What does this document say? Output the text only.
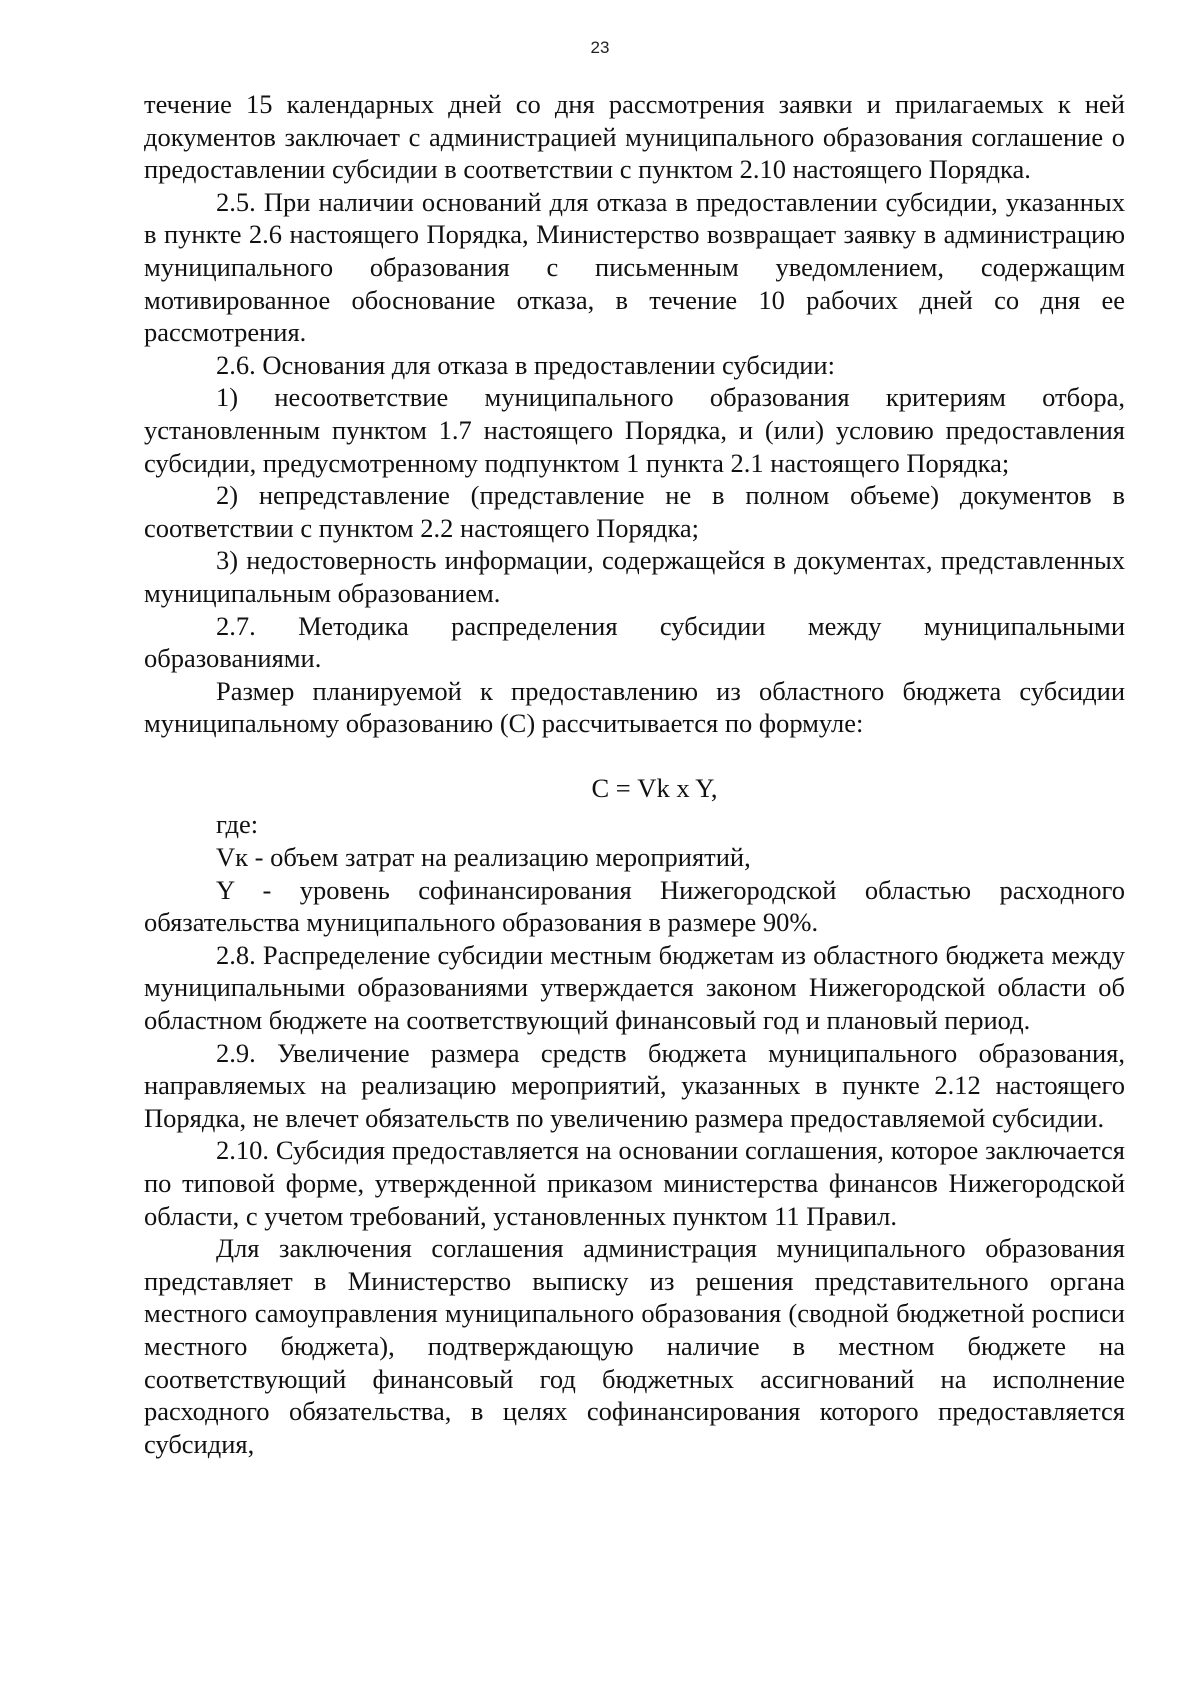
23

течение 15 календарных дней со дня рассмотрения заявки и прилагаемых к ней документов заключает с администрацией муниципального образования соглашение о предоставлении субсидии в соответствии с пунктом 2.10 настоящего Порядка.

2.5. При наличии оснований для отказа в предоставлении субсидии, указанных в пункте 2.6 настоящего Порядка, Министерство возвращает заявку в администрацию муниципального образования с письменным уведомлением, содержащим мотивированное обоснование отказа, в течение 10 рабочих дней со дня ее рассмотрения.

2.6. Основания для отказа в предоставлении субсидии:

1) несоответствие муниципального образования критериям отбора, установленным пунктом 1.7 настоящего Порядка, и (или) условию предоставления субсидии, предусмотренному подпунктом 1 пункта 2.1 настоящего Порядка;

2) непредставление (представление не в полном объеме) документов в соответствии с пунктом 2.2 настоящего Порядка;

3) недостоверность информации, содержащейся в документах, представленных муниципальным образованием.

2.7. Методика распределения субсидии между муниципальными образованиями.

Размер планируемой к предоставлению из областного бюджета субсидии муниципальному образованию (С) рассчитывается по формуле:

С = Vk x Y,

где:

Vк - объем затрат на реализацию мероприятий,

Y - уровень софинансирования Нижегородской областью расходного обязательства муниципального образования в размере 90%.

2.8. Распределение субсидии местным бюджетам из областного бюджета между муниципальными образованиями утверждается законом Нижегородской области об областном бюджете на соответствующий финансовый год и плановый период.

2.9. Увеличение размера средств бюджета муниципального образования, направляемых на реализацию мероприятий, указанных в пункте 2.12 настоящего Порядка, не влечет обязательств по увеличению размера предоставляемой субсидии.

2.10. Субсидия предоставляется на основании соглашения, которое заключается по типовой форме, утвержденной приказом министерства финансов Нижегородской области, с учетом требований, установленных пунктом 11 Правил.

Для заключения соглашения администрация муниципального образования представляет в Министерство выписку из решения представительного органа местного самоуправления муниципального образования (сводной бюджетной росписи местного бюджета), подтверждающую наличие в местном бюджете на соответствующий финансовый год бюджетных ассигнований на исполнение расходного обязательства, в целях софинансирования которого предоставляется субсидия,
